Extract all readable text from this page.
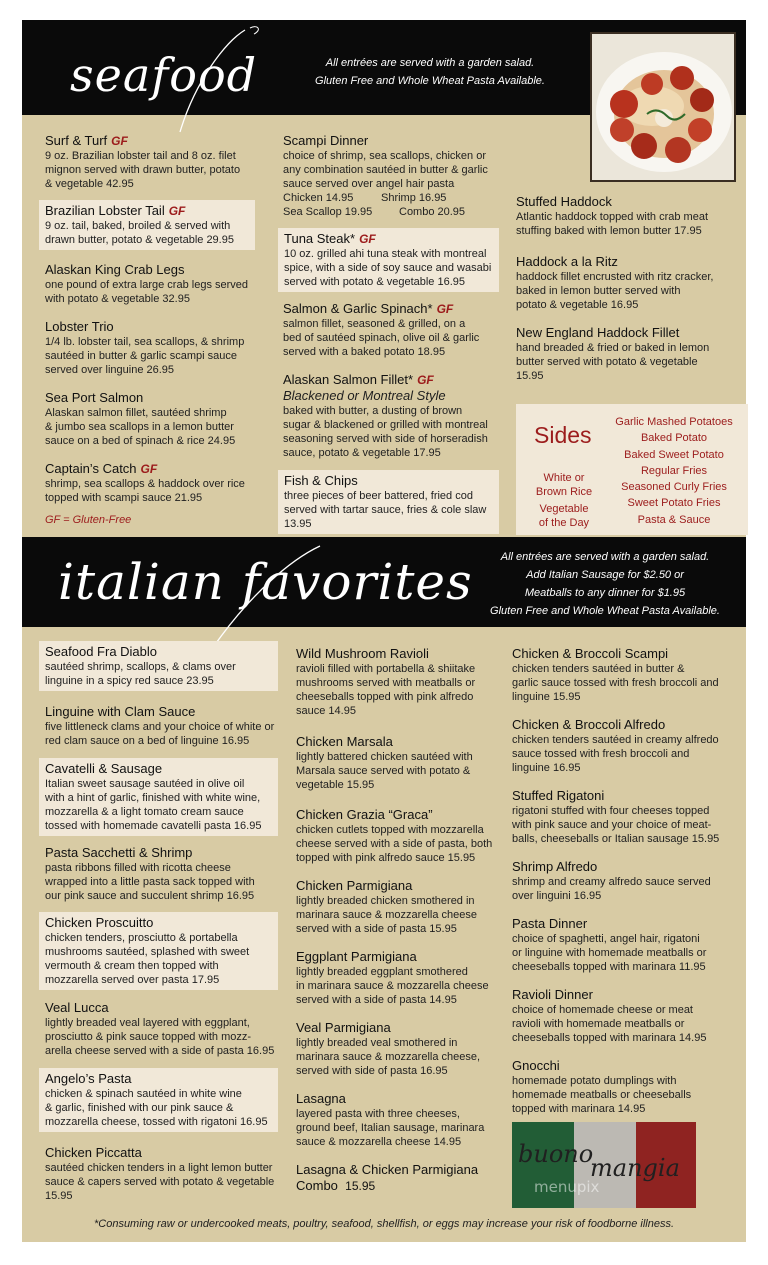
seafood	All entrées are served with a garden salad.
Gluten Free and Whole Wheat Pasta Available.
Surf & Turf GF
9 oz. Brazilian lobster tail and 8 oz. filet
mignon served with drawn butter, potato
& vegetable 42.95
Brazilian Lobster Tail GF
9 oz. tail, baked, broiled & served with
drawn butter, potato & vegetable 29.95
Alaskan King Crab Legs
one pound of extra large crab legs served
with potato & vegetable 32.95
Lobster Trio
1/4 lb. lobster tail, sea scallops, & shrimp
sautéed in butter & garlic scampi sauce
served over linguine 26.95
Sea Port Salmon
Alaskan salmon fillet, sautéed shrimp
& jumbo sea scallops in a lemon butter
sauce on a bed of spinach & rice 24.95
Captain’s Catch GF
shrimp, sea scallops & haddock over rice
topped with scampi sauce 21.95
GF = Gluten-Free
Scampi Dinner
choice of shrimp, sea scallops, chicken or
any combination sautéed in butter & garlic
sauce served over angel hair pasta
Chicken 14.95	Shrimp 16.95
Sea Scallop 19.95 Combo 20.95
Tuna Steak* GF
10 oz. grilled ahi tuna steak with montreal
spice, with a side of soy sauce and wasabi
served with potato & vegetable 16.95
Salmon & Garlic Spinach* GF
salmon fillet, seasoned & grilled, on a
bed of sautéed spinach, olive oil & garlic
served with a baked potato 18.95
Alaskan Salmon Fillet* GF
Blackened or Montreal Style
baked with butter, a dusting of brown
sugar & blackened or grilled with montreal
seasoning served with side of horseradish
sauce, potato & vegetable 17.95
Fish & Chips
three pieces of beer battered, fried cod
served with tartar sauce, fries & cole slaw
13.95
Stuffed Haddock
Atlantic haddock topped with crab meat
stuffing baked with lemon butter 17.95
Haddock a la Ritz
haddock fillet encrusted with ritz cracker,
baked in lemon butter served with
potato & vegetable 16.95
New England Haddock Fillet
hand breaded & fried or baked in lemon
butter served with potato & vegetable
15.95
Sides
White or
Brown Rice
Vegetable
of the Day
Garlic Mashed Potatoes
Baked Potato
Baked Sweet Potato
Regular Fries
Seasoned Curly Fries
Sweet Potato Fries
Pasta & Sauce
italian favorites	All entrées are served with a garden salad.
Add Italian Sausage for $2.50 or
Meatballs to any dinner for $1.95
Gluten Free and Whole Wheat Pasta Available.
Seafood Fra Diablo
sautéed shrimp, scallops, & clams over
linguine in a spicy red sauce 23.95
Linguine with Clam Sauce
five littleneck clams and your choice of white or
red clam sauce on a bed of linguine 16.95
Cavatelli & Sausage
Italian sweet sausage sautéed in olive oil
with a hint of garlic, finished with white wine,
mozzarella & a light tomato cream sauce
tossed with homemade cavatelli pasta 16.95
Pasta Sacchetti & Shrimp
pasta ribbons filled with ricotta cheese
wrapped into a little pasta sack topped with
our pink sauce and succulent shrimp 16.95
Chicken Proscuitto
chicken tenders, prosciutto & portabella
mushrooms sautéed, splashed with sweet
vermouth & cream then topped with
mozzarella served over pasta 17.95
Veal Lucca
lightly breaded veal layered with eggplant,
prosciutto & pink sauce topped with mozz-
arella cheese served with a side of pasta 16.95
Angelo’s Pasta
chicken & spinach sautéed in white wine
& garlic, finished with our pink sauce &
mozzarella cheese, tossed with rigatoni 16.95
Chicken Piccatta
sautéed chicken tenders in a light lemon butter
sauce & capers served with potato & vegetable
15.95
Wild Mushroom Ravioli
ravioli filled with portabella & shiitake
mushrooms served with meatballs or
cheeseballs topped with pink alfredo
sauce 14.95
Chicken Marsala
lightly battered chicken sautéed with
Marsala sauce served with potato &
vegetable 15.95
Chicken Grazia “Graca”
chicken cutlets topped with mozzarella
cheese served with a side of pasta, both
topped with pink alfredo sauce 15.95
Chicken Parmigiana
lightly breaded chicken smothered in
marinara sauce & mozzarella cheese
served with a side of pasta 15.95
Eggplant Parmigiana
lightly breaded eggplant smothered
in marinara sauce & mozzarella cheese
served with a side of pasta 14.95
Veal Parmigiana
lightly breaded veal smothered in
marinara sauce & mozzarella cheese,
served with side of pasta 16.95
Lasagna
layered pasta with three cheeses,
ground beef, Italian sausage, marinara
sauce & mozzarella cheese 14.95
Lasagna & Chicken Parmigiana
Combo 15.95
Chicken & Broccoli Scampi
chicken tenders sautéed in butter &
garlic sauce tossed with fresh broccoli and
linguine 15.95
Chicken & Broccoli Alfredo
chicken tenders sautéed in creamy alfredo
sauce tossed with fresh broccoli and
linguine 16.95
Stuffed Rigatoni
rigatoni stuffed with four cheeses topped
with pink sauce and your choice of meat-
balls, cheeseballs or Italian sausage 15.95
Shrimp Alfredo
shrimp and creamy alfredo sauce served
over linguini 16.95
Pasta Dinner
choice of spaghetti, angel hair, rigatoni
or linguine with homemade meatballs or
cheeseballs topped with marinara 11.95
Ravioli Dinner
choice of homemade cheese or meat
ravioli with homemade meatballs or
cheeseballs topped with marinara 14.95
Gnocchi
homemade potato dumplings with
homemade meatballs or cheeseballs
topped with marinara 14.95
buono
mangia
menupix
*Consuming raw or undercooked meats, poultry, seafood, shellfish, or eggs may increase your risk of foodborne illness.
